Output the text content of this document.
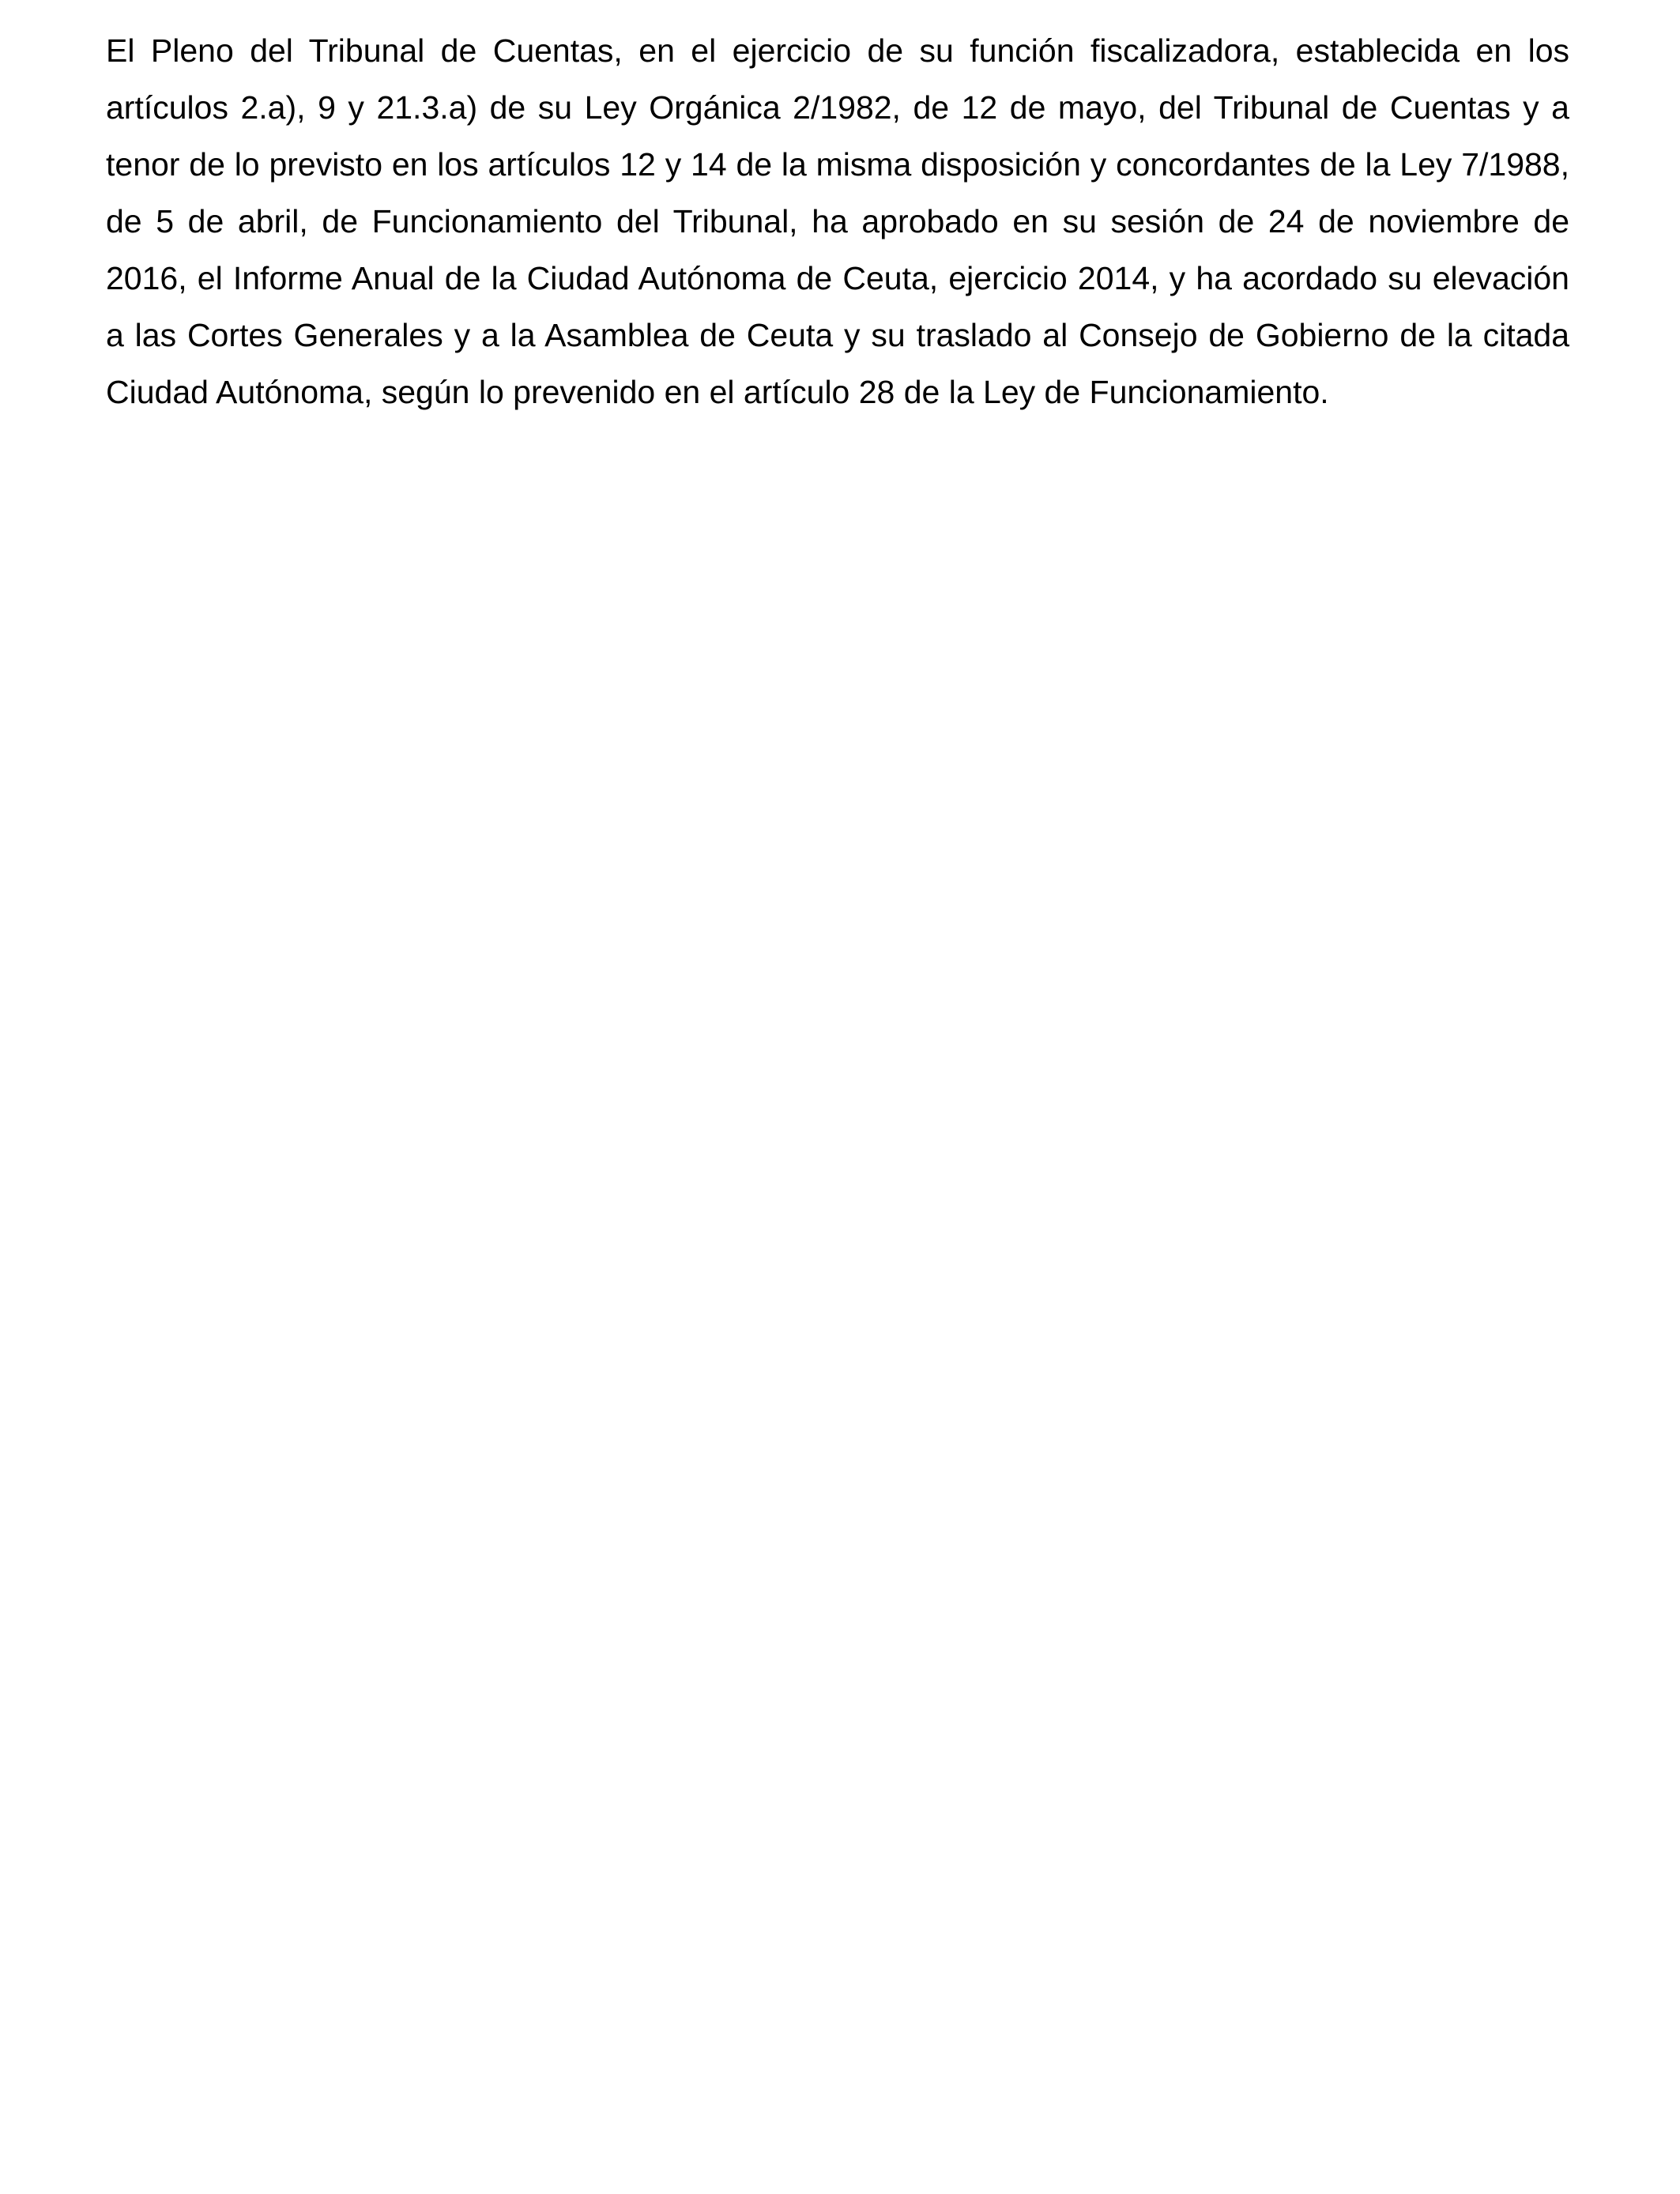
El Pleno del Tribunal de Cuentas, en el ejercicio de su función fiscalizadora, establecida en los artículos 2.a), 9 y 21.3.a) de su Ley Orgánica 2/1982, de 12 de mayo, del Tribunal de Cuentas y a tenor de lo previsto en los artículos 12 y 14 de la misma disposición y concordantes de la Ley 7/1988, de 5 de abril, de Funcionamiento del Tribunal, ha aprobado en su sesión de 24 de noviembre de 2016, el Informe Anual de la Ciudad Autónoma de Ceuta, ejercicio 2014, y ha acordado su elevación a las Cortes Generales y a la Asamblea de Ceuta y su traslado al Consejo de Gobierno de la citada Ciudad Autónoma, según lo prevenido en el artículo 28 de la Ley de Funcionamiento.
